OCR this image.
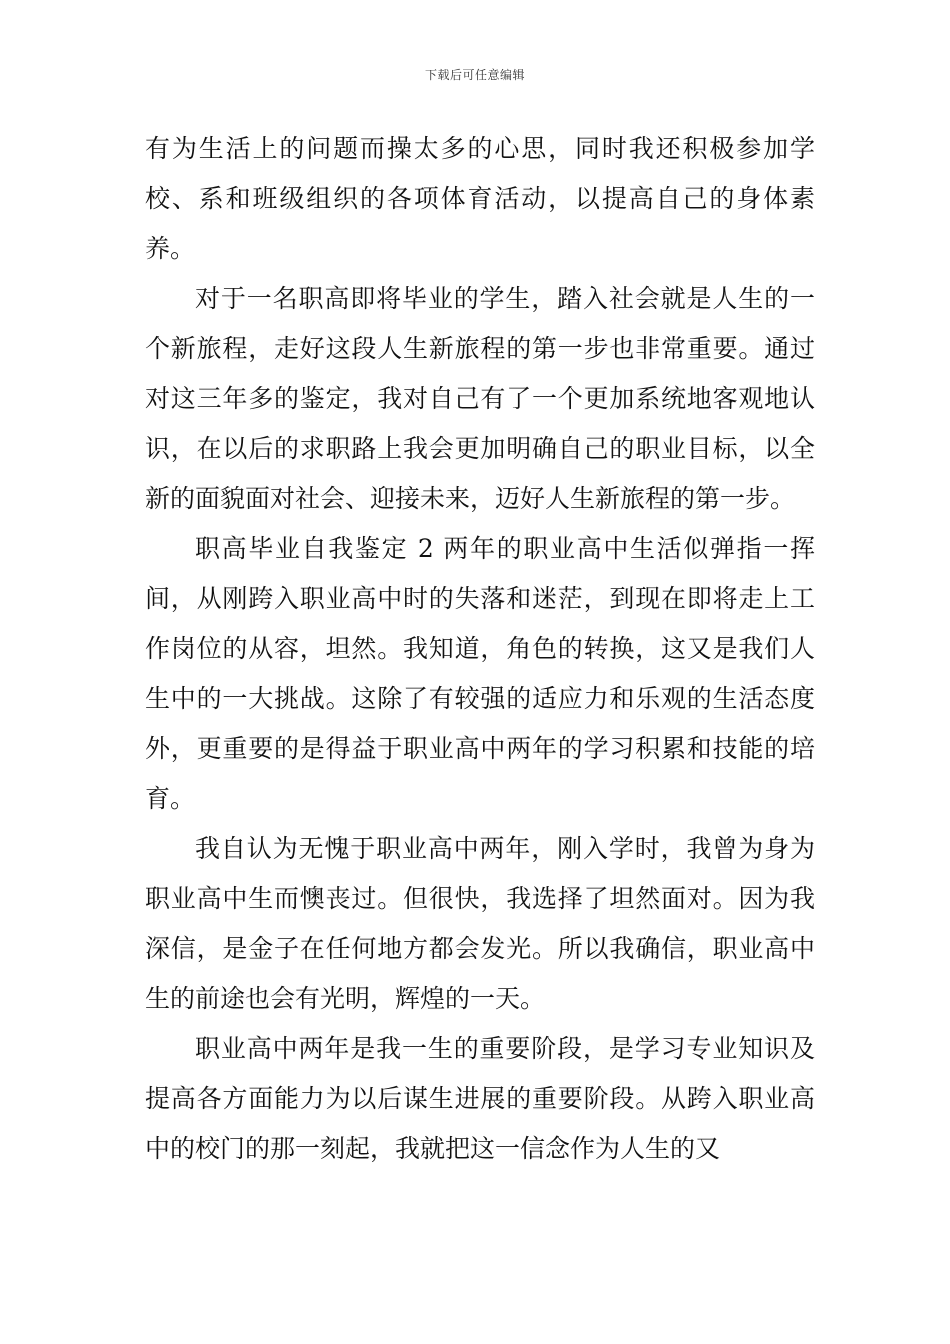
下载后可任意编辑

有为生活上的问题而操太多的心思，同时我还积极参加学校、系和班级组织的各项体育活动，以提高自己的身体素养。

对于一名职高即将毕业的学生，踏入社会就是人生的一个新旅程，走好这段人生新旅程的第一步也非常重要。通过对这三年多的鉴定，我对自己有了一个更加系统地客观地认识，在以后的求职路上我会更加明确自己的职业目标，以全新的面貌面对社会、迎接未来，迈好人生新旅程的第一步。

职高毕业自我鉴定 2 两年的职业高中生活似弹指一挥间，从刚跨入职业高中时的失落和迷茫，到现在即将走上工作岗位的从容，坦然。我知道，角色的转换，这又是我们人生中的一大挑战。这除了有较强的适应力和乐观的生活态度外，更重要的是得益于职业高中两年的学习积累和技能的培育。

我自认为无愧于职业高中两年，刚入学时，我曾为身为职业高中生而懊丧过。但很快，我选择了坦然面对。因为我深信，是金子在任何地方都会发光。所以我确信，职业高中生的前途也会有光明，辉煌的一天。

职业高中两年是我一生的重要阶段，是学习专业知识及提高各方面能力为以后谋生进展的重要阶段。从跨入职业高中的校门的那一刻起，我就把这一信念作为人生的又
